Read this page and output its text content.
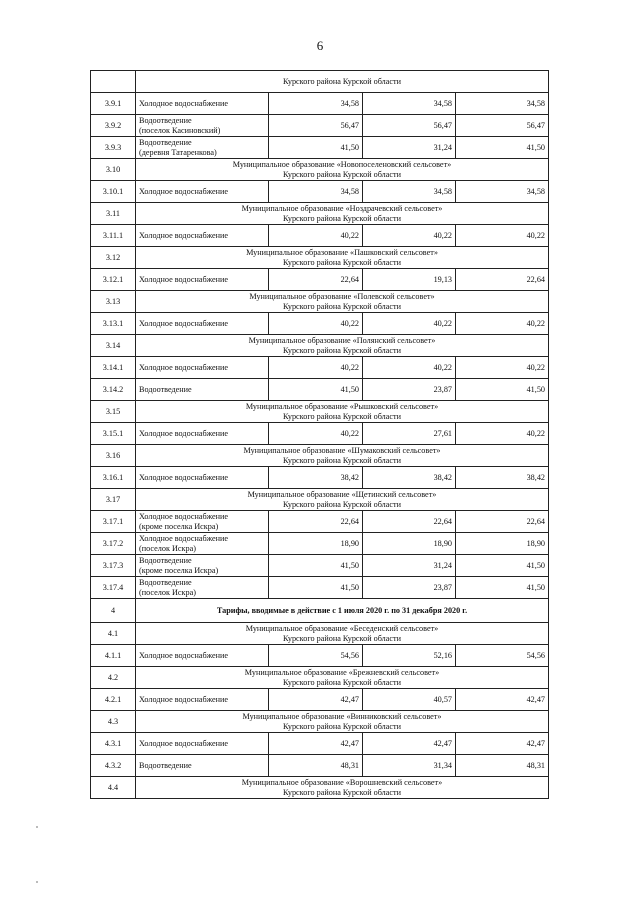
6
	Курского района Курской области			
3.9.1	Холодное водоснабжение	34,58	34,58	34,58
3.9.2	Водоотведение
(поселок Касиновский)	56,47	56,47	56,47
3.9.3	Водоотведение
(деревня Татаренкова)	41,50	31,24	41,50
3.10	Муниципальное образование «Новопоселеновский сельсовет»
Курского района Курской области			
3.10.1	Холодное водоснабжение	34,58	34,58	34,58
3.11	Муниципальное образование «Ноздрачевский сельсовет»
Курского района Курской области			
3.11.1	Холодное водоснабжение	40,22	40,22	40,22
3.12	Муниципальное образование «Пашковский сельсовет»
Курского района Курской области			
3.12.1	Холодное водоснабжение	22,64	19,13	22,64
3.13	Муниципальное образование «Полевской сельсовет»
Курского района Курской области			
3.13.1	Холодное водоснабжение	40,22	40,22	40,22
3.14	Муниципальное образование «Полянский сельсовет»
Курского района Курской области			
3.14.1	Холодное водоснабжение	40,22	40,22	40,22
3.14.2	Водоотведение	41,50	23,87	41,50
3.15	Муниципальное образование «Рышковский сельсовет»
Курского района Курской области			
3.15.1	Холодное водоснабжение	40,22	27,61	40,22
3.16	Муниципальное образование «Шумаковский сельсовет»
Курского района Курской области			
3.16.1	Холодное водоснабжение	38,42	38,42	38,42
3.17	Муниципальное образование «Щетинский сельсовет»
Курского района Курской области			
3.17.1	Холодное водоснабжение
(кроме поселка Искра)	22,64	22,64	22,64
3.17.2	Холодное водоснабжение
(поселок Искра)	18,90	18,90	18,90
3.17.3	Водоотведение
(кроме поселка Искра)	41,50	31,24	41,50
3.17.4	Водоотведение
(поселок Искра)	41,50	23,87	41,50
4	Тарифы, вводимые в действие с 1 июля 2020 г. по 31 декабря 2020 г.			
4.1	Муниципальное образование «Беседенский сельсовет»
Курского района Курской области			
4.1.1	Холодное водоснабжение	54,56	52,16	54,56
4.2	Муниципальное образование «Брежневский сельсовет»
Курского района Курской области			
4.2.1	Холодное водоснабжение	42,47	40,57	42,47
4.3	Муниципальное образование «Винниковский сельсовет»
Курского района Курской области			
4.3.1	Холодное водоснабжение	42,47	42,47	42,47
4.3.2	Водоотведение	48,31	31,34	48,31
4.4	Муниципальное образование «Ворошневский сельсовет»
Курского района Курской области			
